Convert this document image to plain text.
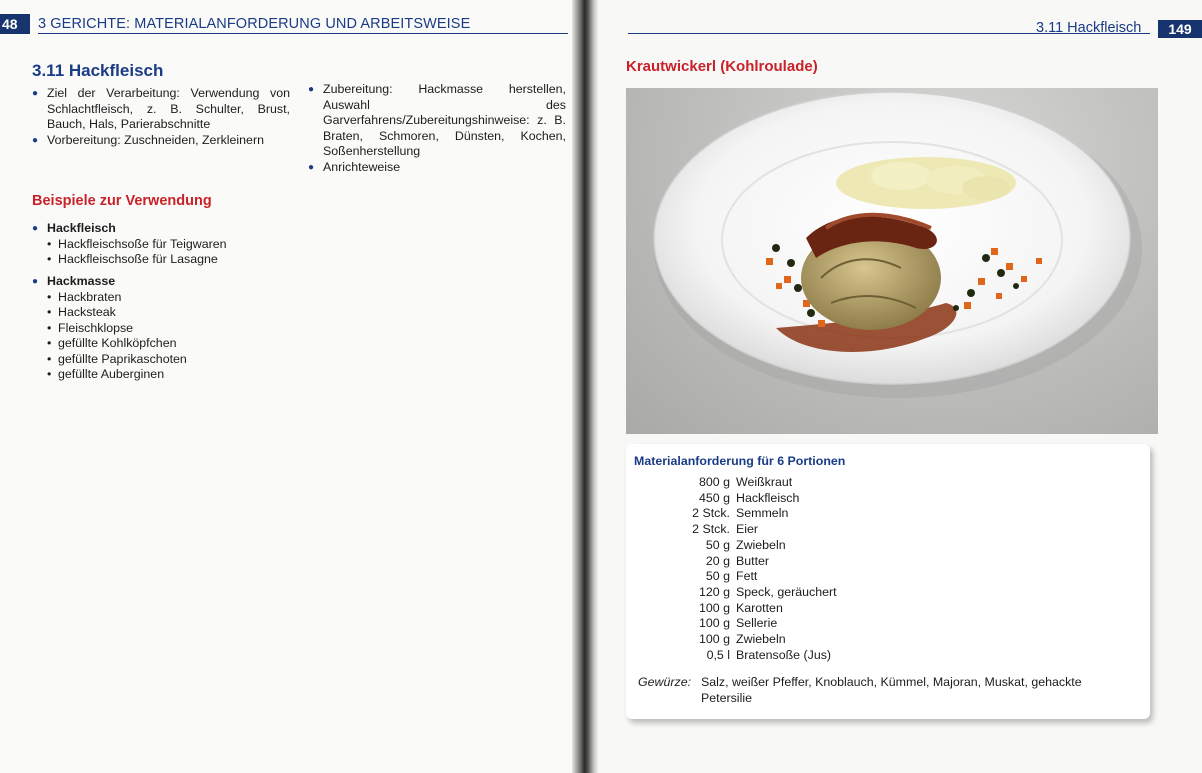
48	3 GERICHTE: MATERIALANFORDERUNG UND ARBEITSWEISE
3.11 Hackfleisch
● Ziel der Verarbeitung: Verwendung von Schlachtfleisch, z. B. Schulter, Brust, Bauch, Hals, Parierabschnitte
● Vorbereitung: Zuschneiden, Zerkleinern
● Zubereitung: Hackmasse herstellen, Auswahl des Garverfahrens/Zubereitungshinweise: z. B. Braten, Schmoren, Dünsten, Kochen, Soßenherstellung
● Anrichteweise
Beispiele zur Verwendung
● Hackfleisch
• Hackfleischsoße für Teigwaren
• Hackfleischsoße für Lasagne
● Hackmasse
• Hackbraten
• Hacksteak
• Fleischklopse
• gefüllte Kohlköpfchen
• gefüllte Paprikaschoten
• gefüllte Auberginen
3.11 Hackfleisch	149
Krautwickerl (Kohlroulade)
Materialanforderung für 6 Portionen
800 g Weißkraut
450 g Hackfleisch
2 Stck. Semmeln
2 Stck. Eier
50 g Zwiebeln
20 g Butter
50 g Fett
120 g Speck, geräuchert
100 g Karotten
100 g Sellerie
100 g Zwiebeln
0,5 l Bratensoße (Jus)
Gewürze: Salz, weißer Pfeffer, Knoblauch, Kümmel, Majoran, Muskat, gehackte Petersilie
